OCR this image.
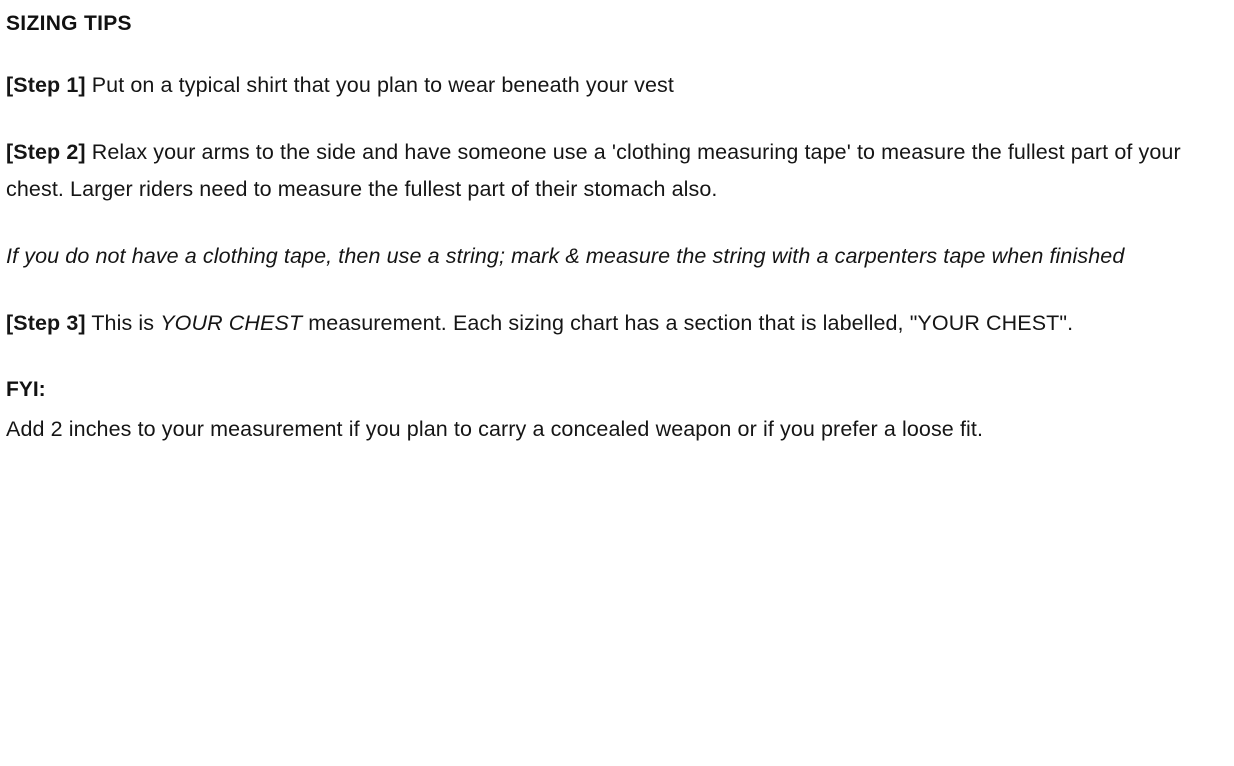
SIZING TIPS

[Step 1] Put on a typical shirt that you plan to wear beneath your vest

[Step 2] Relax your arms to the side and have someone use a 'clothing measuring tape' to measure the fullest part of your chest. Larger riders need to measure the fullest part of their stomach also.

If you do not have a clothing tape, then use a string; mark & measure the string with a carpenters tape when finished

[Step 3] This is YOUR CHEST measurement. Each sizing chart has a section that is labelled, "YOUR CHEST".

FYI:

Add 2 inches to your measurement if you plan to carry a concealed weapon or if you prefer a loose fit.
